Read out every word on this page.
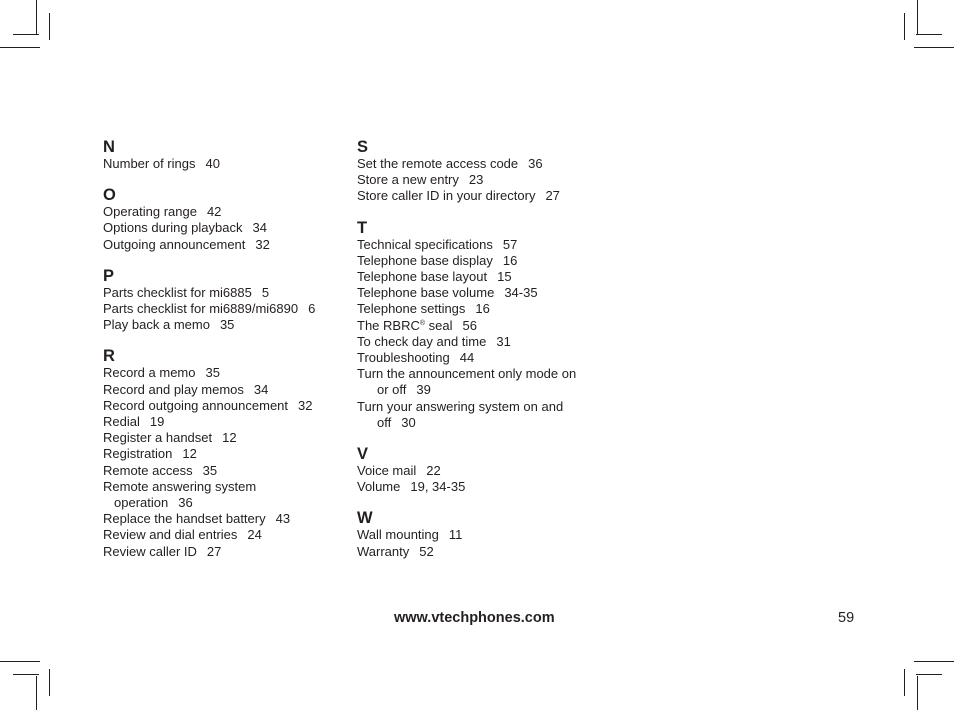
N
Number of rings 40
O
Operating range 42
Options during playback 34
Outgoing announcement 32
P
Parts checklist for mi6885 5
Parts checklist for mi6889/mi6890 6
Play back a memo 35
R
Record a memo 35
Record and play memos 34
Record outgoing announcement 32
Redial 19
Register a handset 12
Registration 12
Remote access 35
Remote answering system
operation 36
Replace the handset battery 43
Review and dial entries 24
Review caller ID 27
S
Set the remote access code 36
Store a new entry 23
Store caller ID in your directory 27
T
Technical specifications 57
Telephone base display 16
Telephone base layout 15
Telephone base volume 34-35
Telephone settings 16
The RBRC® seal 56
To check day and time 31
Troubleshooting 44
Turn the announcement only mode on
or off 39
Turn your answering system on and
off 30
V
Voice mail 22
Volume 19, 34-35
W
Wall mounting 11
Warranty 52
www.vtechphones.com	59
